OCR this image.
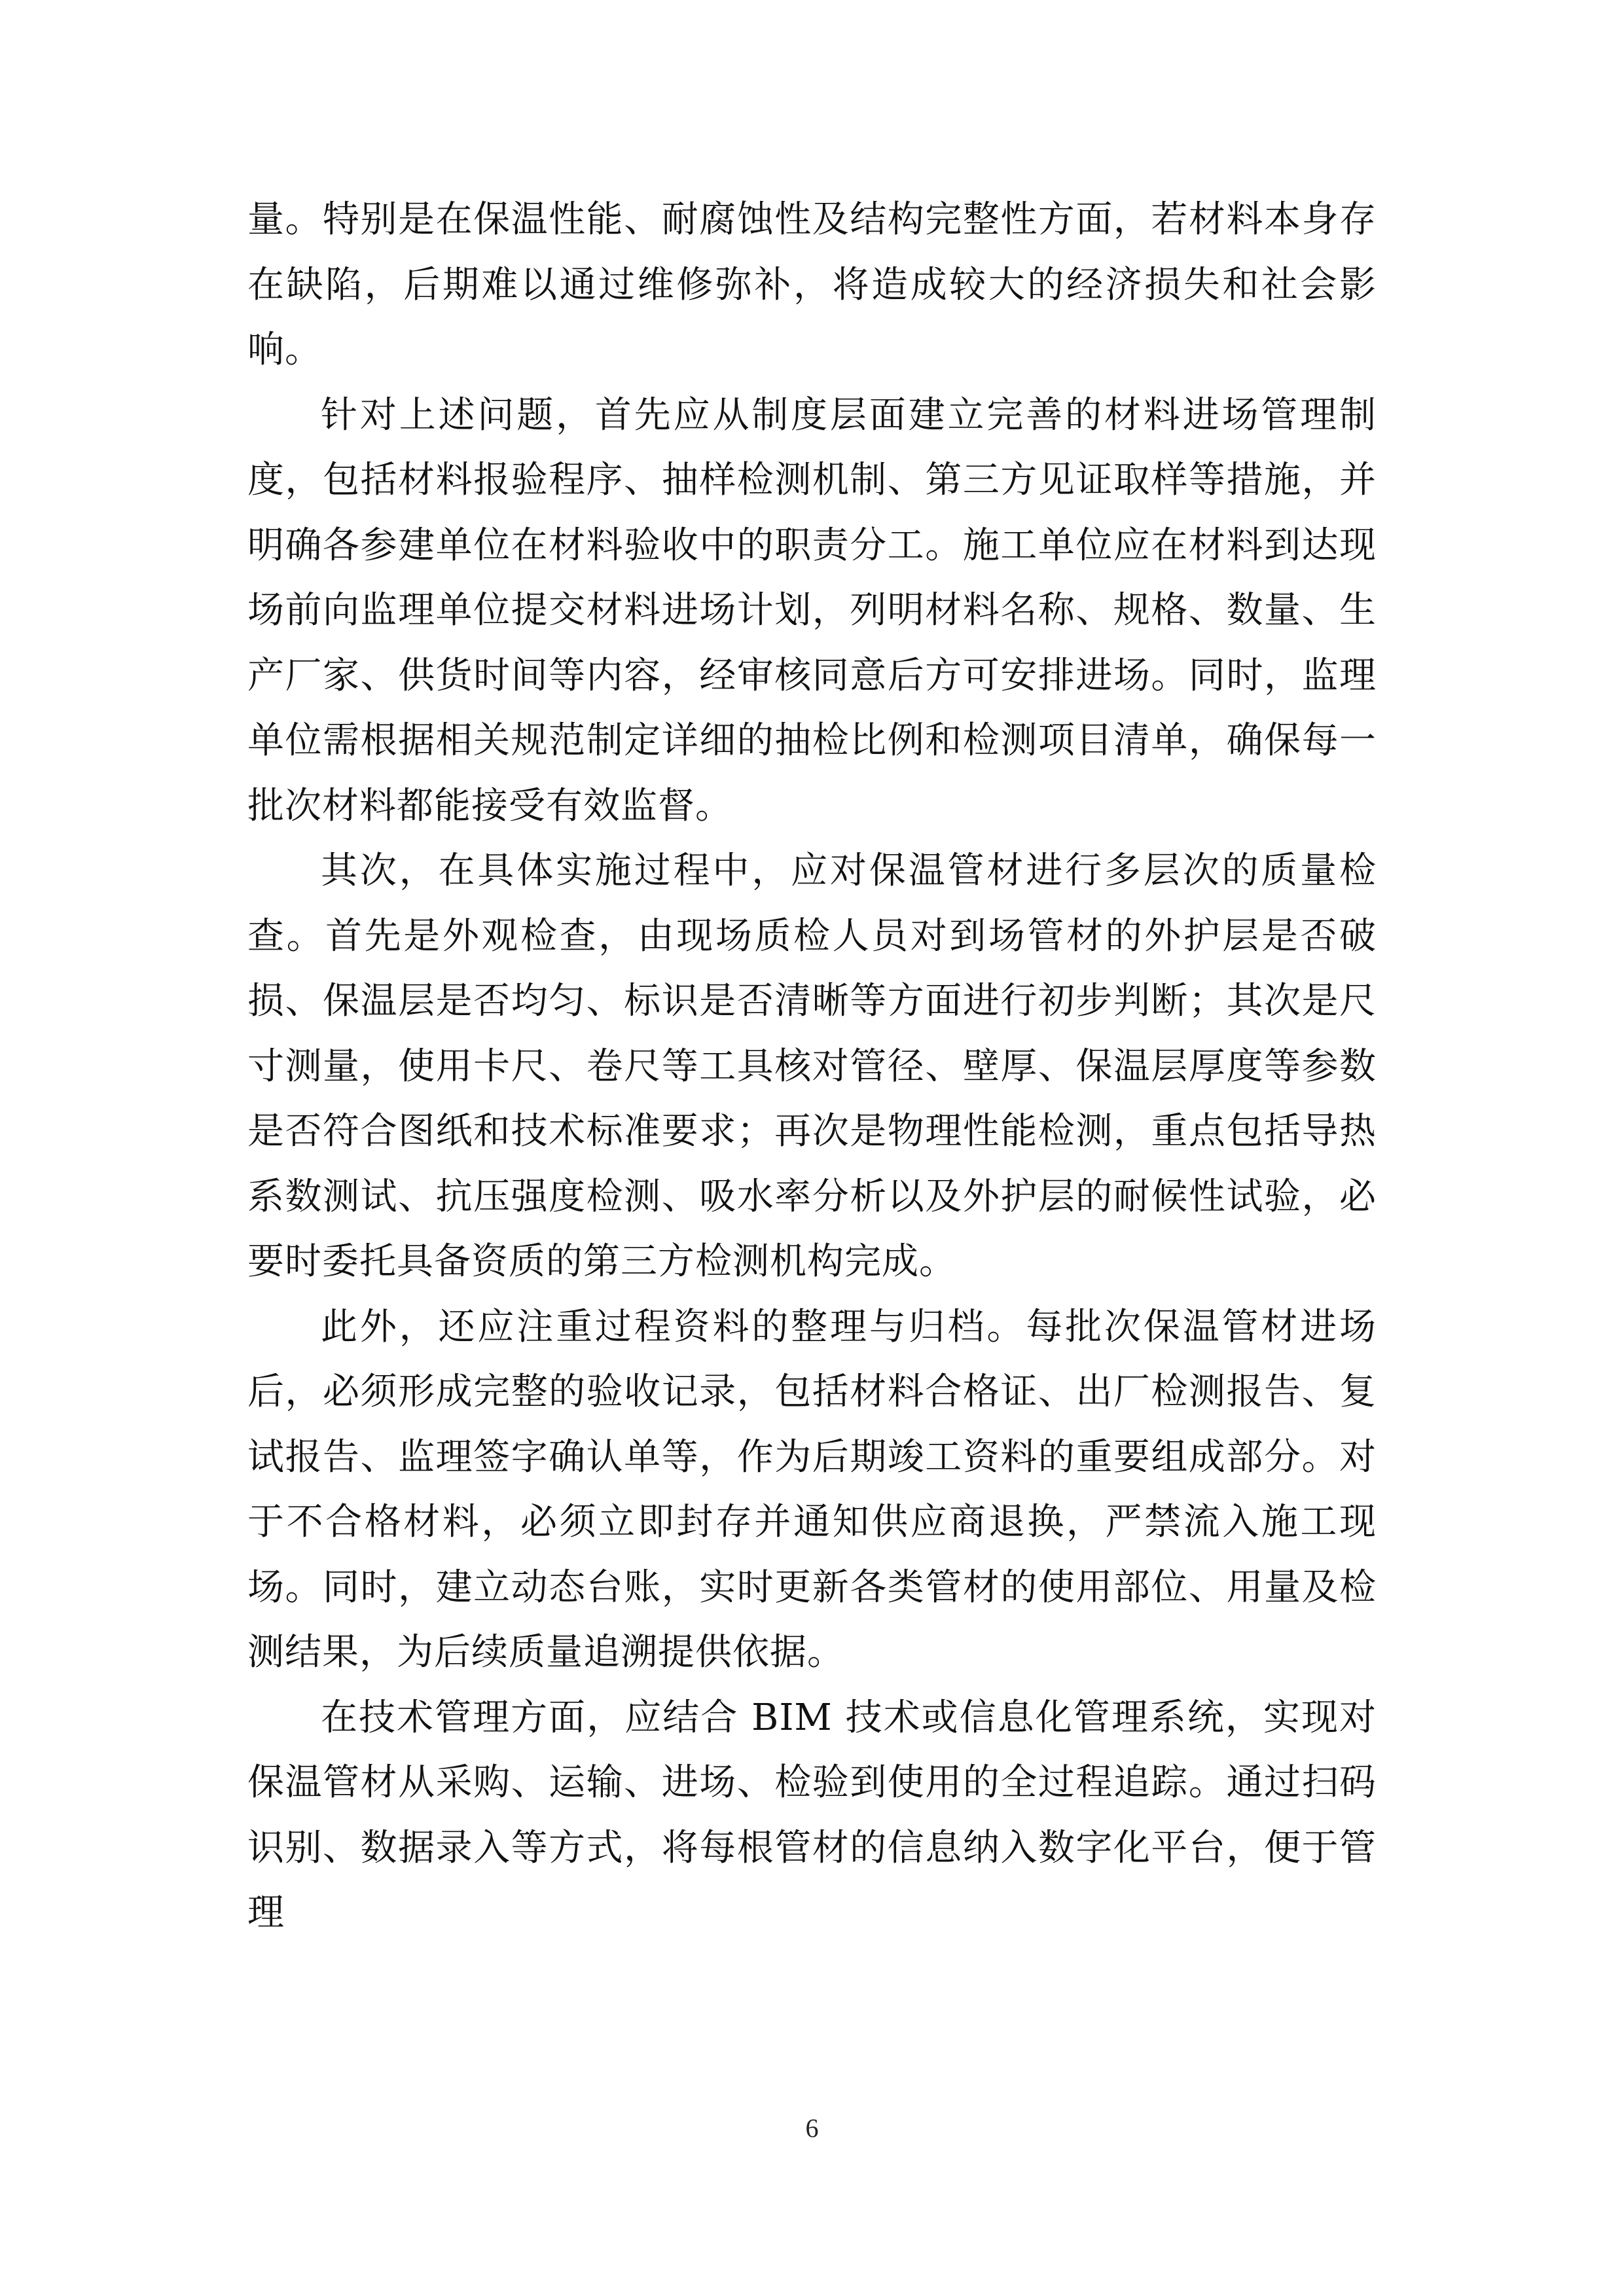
量。特别是在保温性能、耐腐蚀性及结构完整性方面，若材料本身存在缺陷，后期难以通过维修弥补，将造成较大的经济损失和社会影响。

针对上述问题，首先应从制度层面建立完善的材料进场管理制度，包括材料报验程序、抽样检测机制、第三方见证取样等措施，并明确各参建单位在材料验收中的职责分工。施工单位应在材料到达现场前向监理单位提交材料进场计划，列明材料名称、规格、数量、生产厂家、供货时间等内容，经审核同意后方可安排进场。同时，监理单位需根据相关规范制定详细的抽检比例和检测项目清单，确保每一批次材料都能接受有效监督。

其次，在具体实施过程中，应对保温管材进行多层次的质量检查。首先是外观检查，由现场质检人员对到场管材的外护层是否破损、保温层是否均匀、标识是否清晰等方面进行初步判断；其次是尺寸测量，使用卡尺、卷尺等工具核对管径、壁厚、保温层厚度等参数是否符合图纸和技术标准要求；再次是物理性能检测，重点包括导热系数测试、抗压强度检测、吸水率分析以及外护层的耐候性试验，必要时委托具备资质的第三方检测机构完成。

此外，还应注重过程资料的整理与归档。每批次保温管材进场后，必须形成完整的验收记录，包括材料合格证、出厂检测报告、复试报告、监理签字确认单等，作为后期竣工资料的重要组成部分。对于不合格材料，必须立即封存并通知供应商退换，严禁流入施工现场。同时，建立动态台账，实时更新各类管材的使用部位、用量及检测结果，为后续质量追溯提供依据。

在技术管理方面，应结合 BIM 技术或信息化管理系统，实现对保温管材从采购、运输、进场、检验到使用的全过程追踪。通过扫码识别、数据录入等方式，将每根管材的信息纳入数字化平台，便于管理

6
